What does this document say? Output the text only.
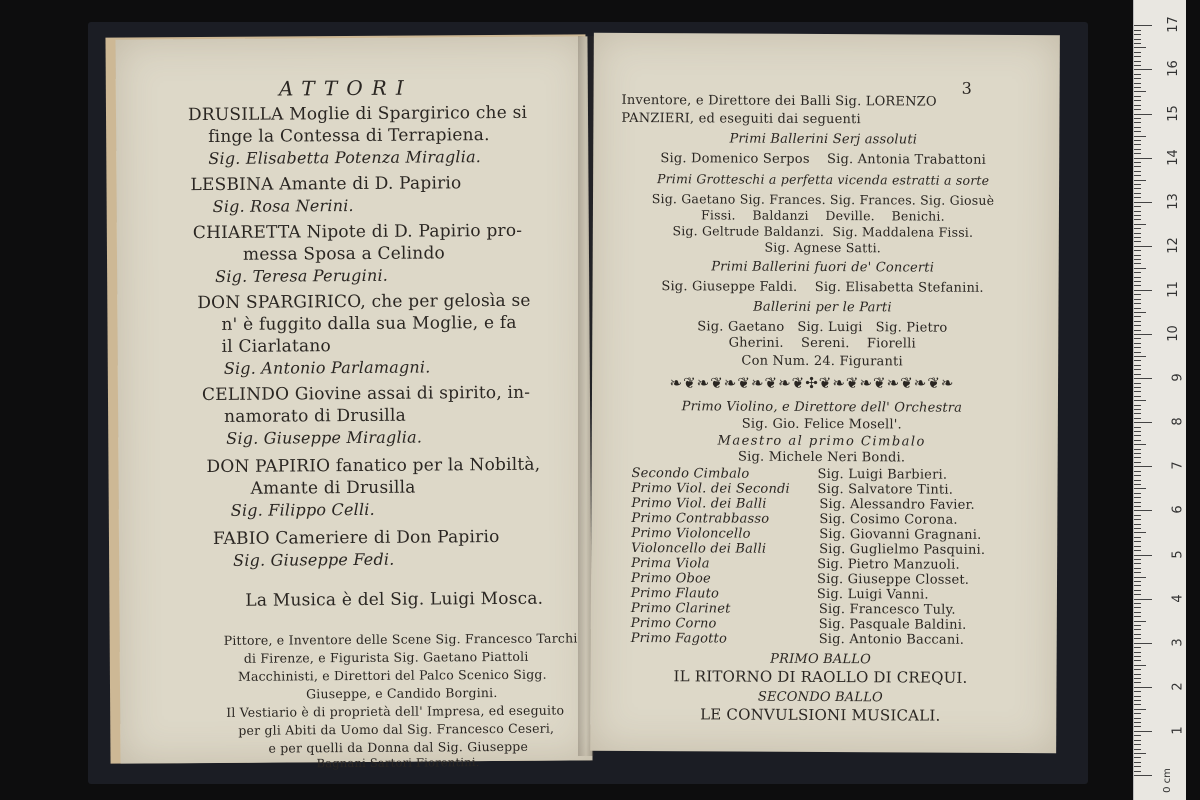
ATTORI
DRUSILLA Moglie di Spargirico che si
finge la Contessa di Terrapiena.
Sig. Elisabetta Potenza Miraglia.
LESBINA Amante di D. Papirio
Sig. Rosa Nerini.
CHIARETTA Nipote di D. Papirio pro-
messa Sposa a Celindo
Sig. Teresa Perugini.
DON SPARGIRICO, che per gelosìa se
n' è fuggito dalla sua Moglie, e fa
il Ciarlatano
Sig. Antonio Parlamagni.
CELINDO Giovine assai di spirito, in-
namorato di Drusilla
Sig. Giuseppe Miraglia.
DON PAPIRIO fanatico per la Nobiltà,
Amante di Drusilla
Sig. Filippo Celli.
FABIO Cameriere di Don Papirio
Sig. Giuseppe Fedi.
La Musica è del Sig. Luigi Mosca.
Pittore, e Inventore delle Scene Sig. Francesco Tarchi
di Firenze, e Figurista Sig. Gaetano Piattoli
Macchinisti, e Direttori del Palco Scenico Sigg.
Giuseppe, e Candido Borgini.
Il Vestiario è di proprietà dell' Impresa, ed eseguito
per gli Abiti da Uomo dal Sig. Francesco Ceseri,
e per quelli da Donna dal Sig. Giuseppe
Bagnani Sartori Fiorentini.
3
Inventore, e Direttore dei Balli Sig. LORENZO
PANZIERI, ed eseguiti dai seguenti
Primi Ballerini Serj assoluti
Sig. Domenico Serpos    Sig. Antonia Trabattoni
Primi Grotteschi a perfetta vicenda estratti a sorte
Sig. Gaetano Sig. Frances. Sig. Frances. Sig. Giosuè
Fissi.    Baldanzi    Deville.    Benichi.
Sig. Geltrude Baldanzi.  Sig. Maddalena Fissi.
Sig. Agnese Satti.
Primi Ballerini fuori de' Concerti
Sig. Giuseppe Faldi.    Sig. Elisabetta Stefanini.
Ballerini per le Parti
Sig. Gaetano   Sig. Luigi   Sig. Pietro
Gherini.    Sereni.    Fiorelli
Con Num. 24. Figuranti
Primo Violino, e Direttore dell' Orchestra
Sig. Gio. Felice Mosell'.
Maestro al primo Cimbalo
Sig. Michele Neri Bondi.
Secondo Cimbalo	Sig. Luigi Barbieri.
Primo Viol. dei Secondi Sig. Salvatore Tinti.
Primo Viol. dei Balli	Sig. Alessandro Favier.
Primo Contrabbasso	Sig. Cosimo Corona.
Primo Violoncello	Sig. Giovanni Gragnani.
Violoncello dei Balli	Sig. Guglielmo Pasquini.
Prima Viola	Sig. Pietro Manzuoli.
Primo Oboe	Sig. Giuseppe Closset.
Primo Flauto	Sig. Luigi Vanni.
Primo Clarinet	Sig. Francesco Tuly.
Primo Corno	Sig. Pasquale Baldini.
Primo Fagotto	Sig. Antonio Baccani.
PRIMO BALLO
IL RITORNO DI RAOLLO DI CREQUI.
SECONDO BALLO
LE CONVULSIONI MUSICALI.
❧❦❧❦❧❦❧❦❧❦✣❦❧❦❧❦❧❦❧❦❧
0 cm
1
2
3
4
5
6
7
8
9
10
11
12
13
14
15
16
17
